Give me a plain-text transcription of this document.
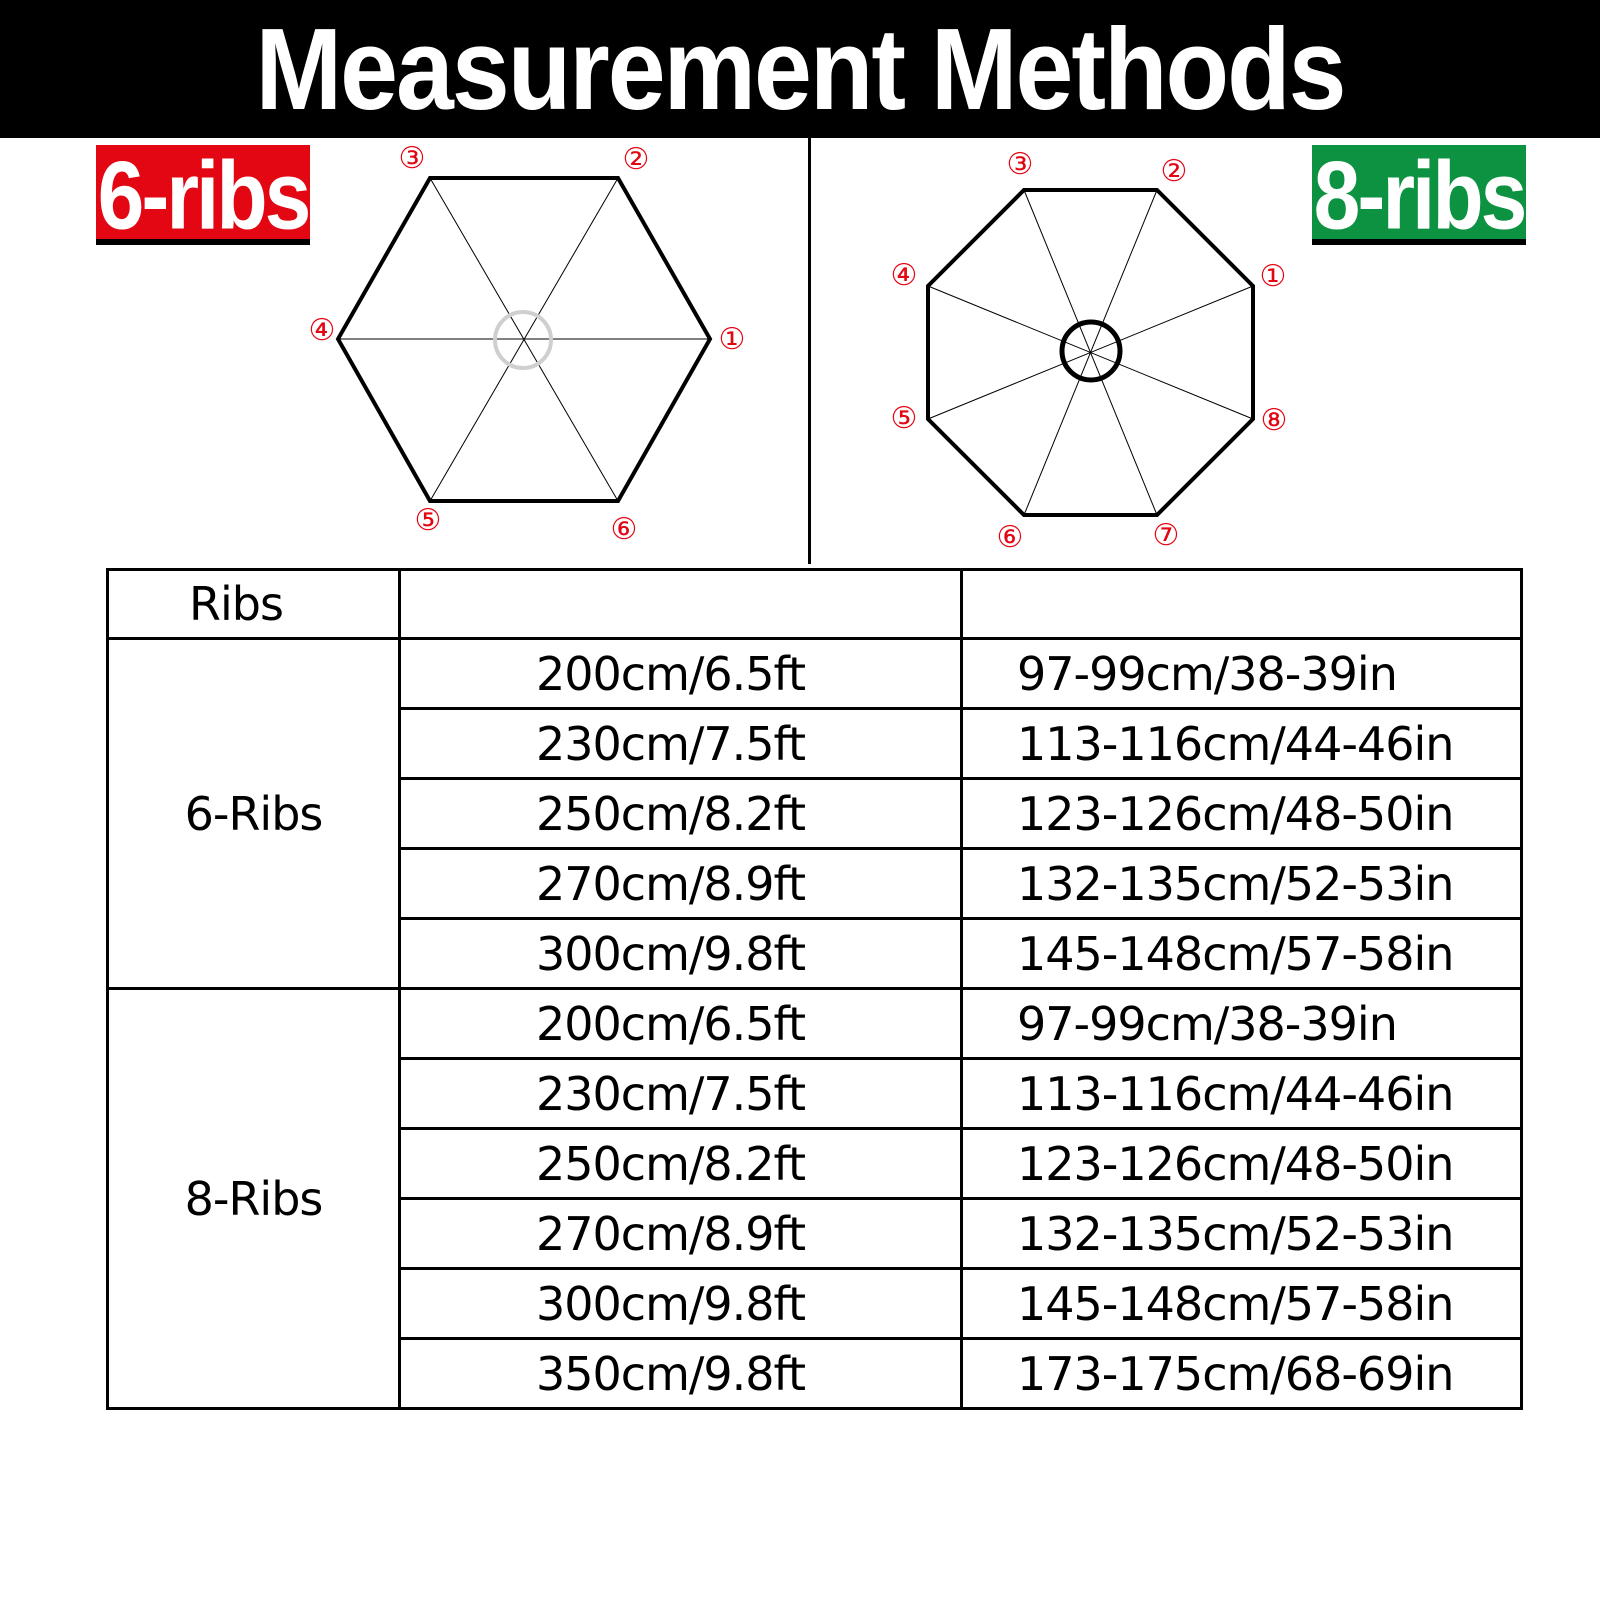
Measurement Methods
6-ribs	8-ribs
①
②
③
④
⑤	⑥
①
②
③
④
⑤
⑥	⑦
⑧
Ribs		
6-Ribs	200cm/6.5ft	97-99cm/38-39in
	230cm/7.5ft	113-116cm/44-46in
	250cm/8.2ft	123-126cm/48-50in
	270cm/8.9ft	132-135cm/52-53in
	300cm/9.8ft	145-148cm/57-58in
8-Ribs	200cm/6.5ft	97-99cm/38-39in
	230cm/7.5ft	113-116cm/44-46in
	250cm/8.2ft	123-126cm/48-50in
	270cm/8.9ft	132-135cm/52-53in
	300cm/9.8ft	145-148cm/57-58in
	350cm/9.8ft	173-175cm/68-69in
